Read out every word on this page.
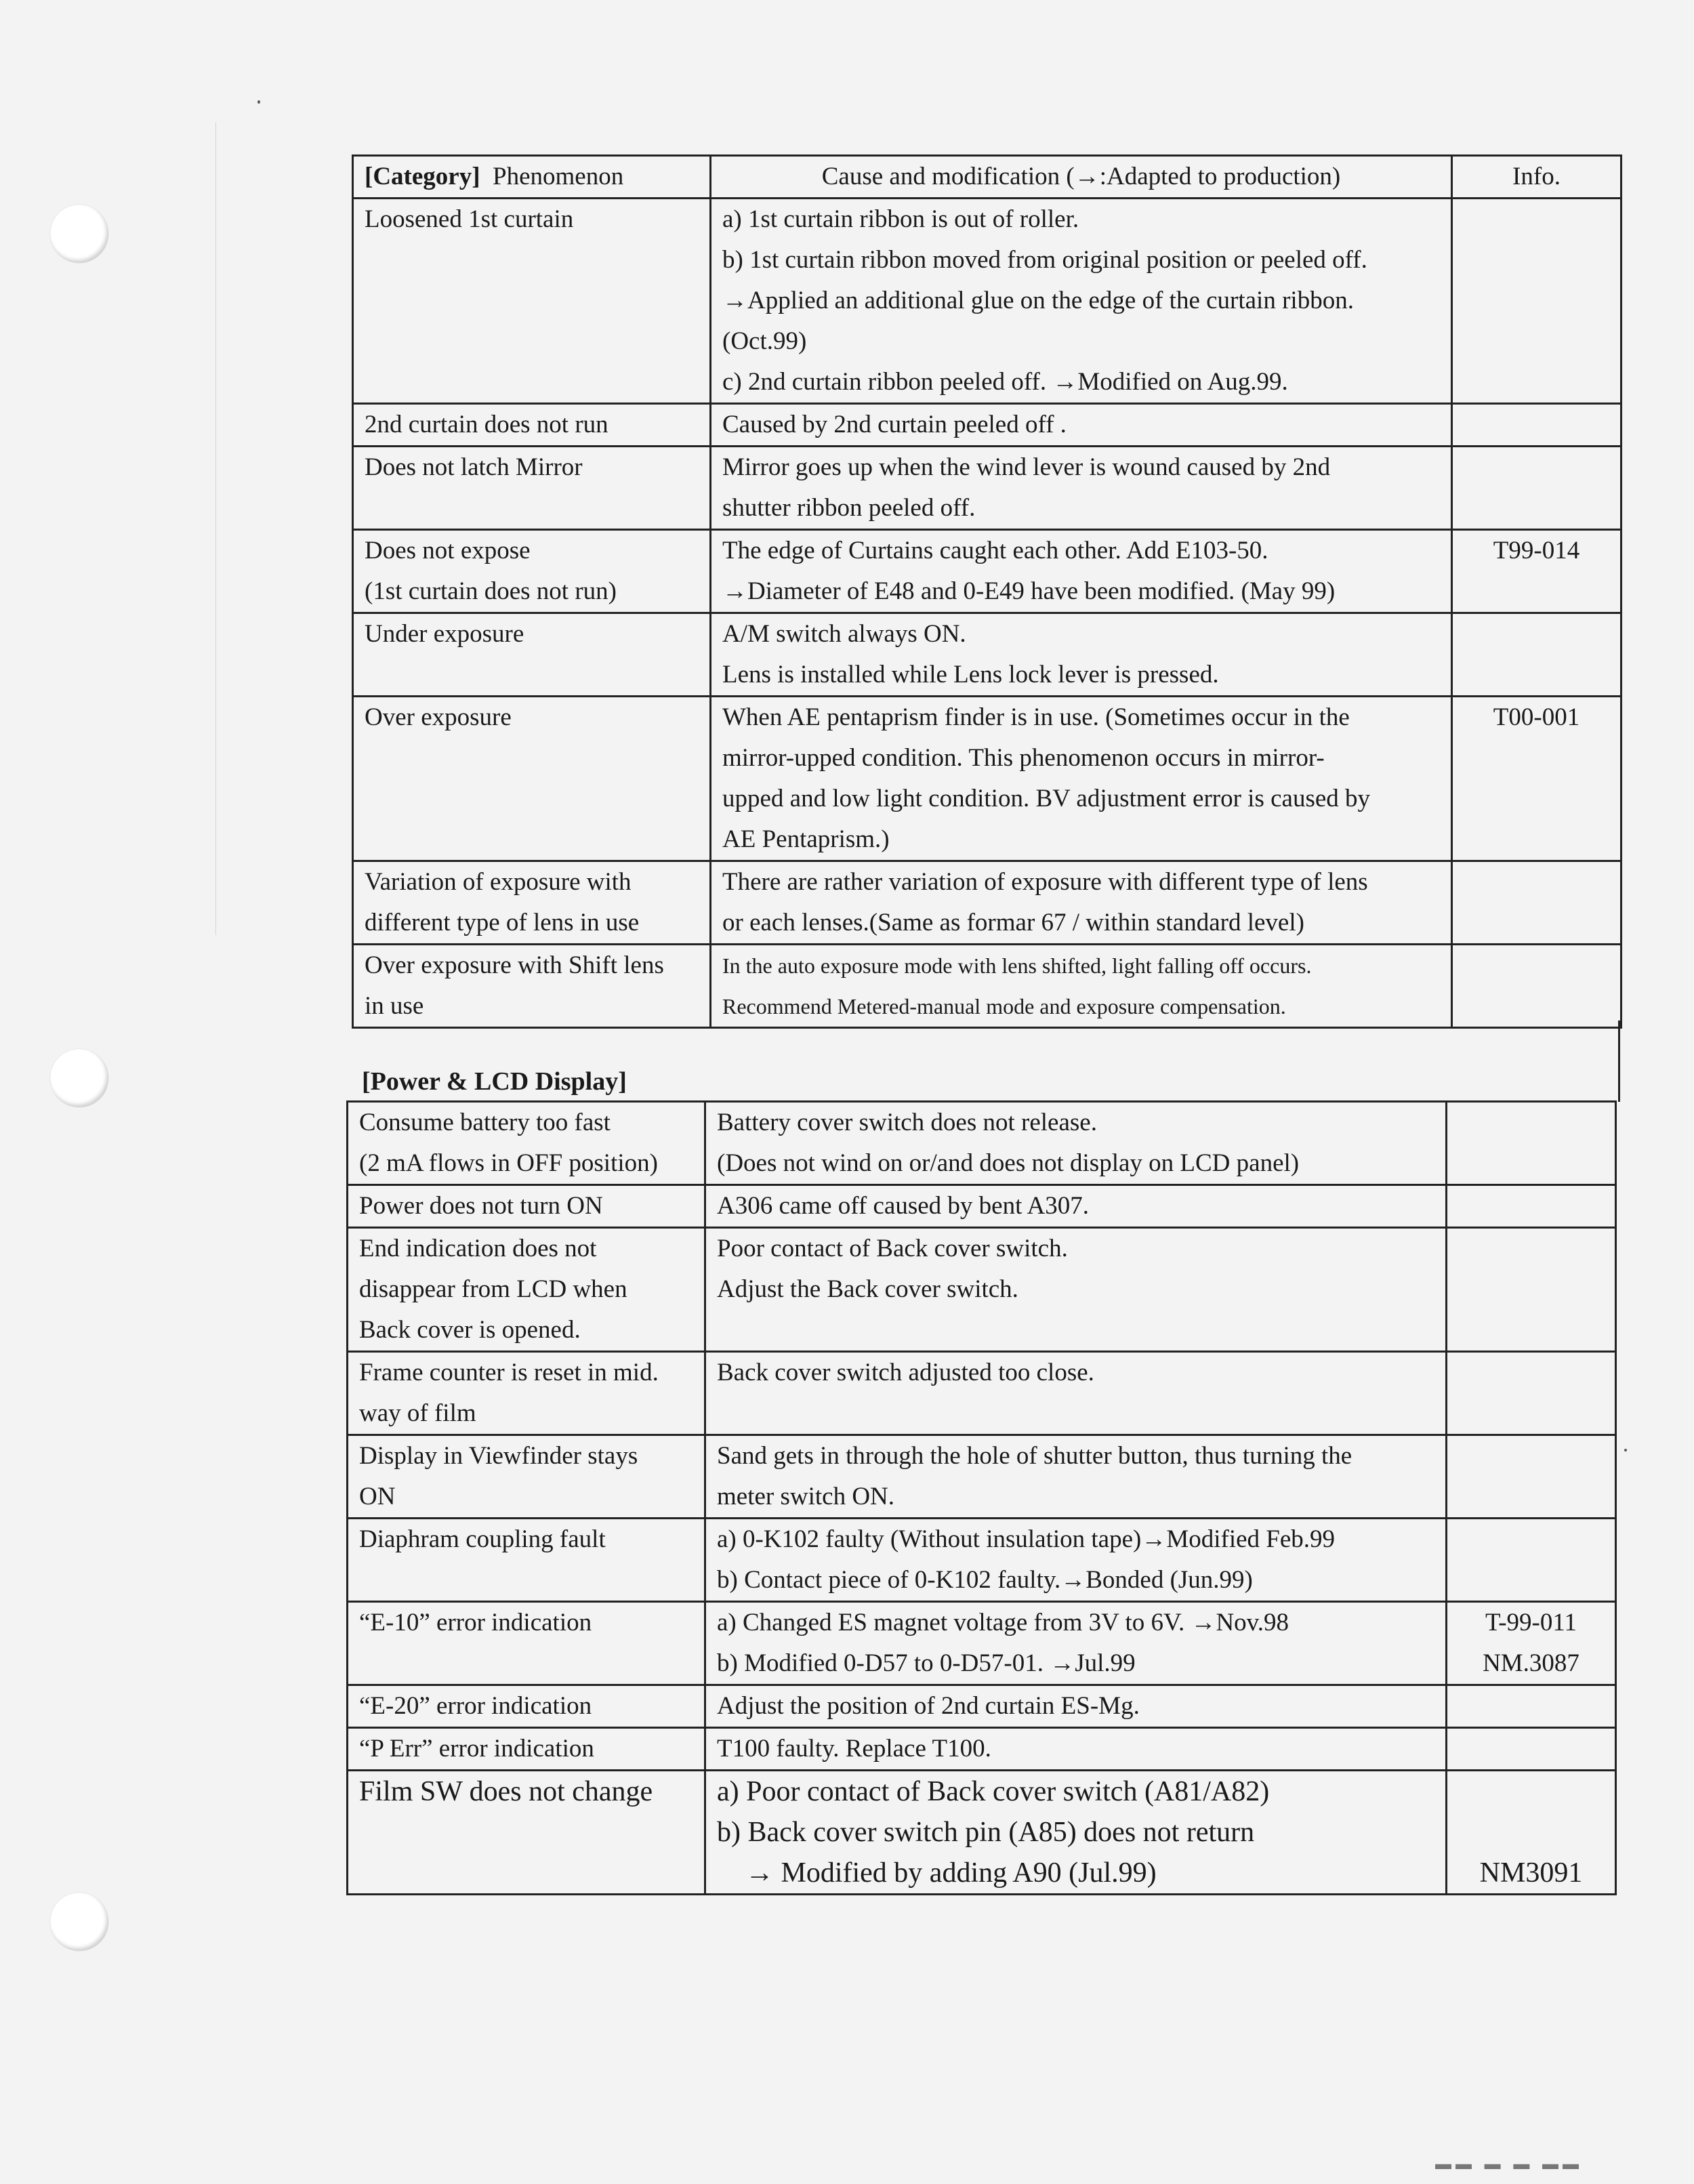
[Category] Phenomenon	Cause and modification (→:Adapted to production)	Info.

Loosened 1st curtain	a) 1st curtain ribbon is out of roller.
b) 1st curtain ribbon moved from original position or peeled off.
→Applied an additional glue on the edge of the curtain ribbon.
(Oct.99)
c) 2nd curtain ribbon peeled off. →Modified on Aug.99.	

2nd curtain does not run	Caused by 2nd curtain peeled off .	

Does not latch Mirror	Mirror goes up when the wind lever is wound caused by 2nd
shutter ribbon peeled off.	

Does not expose
(1st curtain does not run)	The edge of Curtains caught each other. Add E103-50.
→Diameter of E48 and 0-E49 have been modified. (May 99)	T99-014

Under exposure	A/M switch always ON.
Lens is installed while Lens lock lever is pressed.	

Over exposure	When AE pentaprism finder is in use. (Sometimes occur in the
mirror-upped condition. This phenomenon occurs in mirror-
upped and low light condition. BV adjustment error is caused by
AE Pentaprism.)	T00-001

Variation of exposure with
different type of lens in use	There are rather variation of exposure with different type of lens
or each lenses.(Same as formar 67 / within standard level)	

Over exposure with Shift lens
in use	In the auto exposure mode with lens shifted, light falling off occurs.
Recommend Metered-manual mode and exposure compensation.	

[Power & LCD Display]
Consume battery too fast
(2 mA flows in OFF position)	Battery cover switch does not release.
(Does not wind on or/and does not display on LCD panel)	

Power does not turn ON	A306 came off caused by bent A307.	

End indication does not
disappear from LCD when
Back cover is opened.	Poor contact of Back cover switch.
Adjust the Back cover switch.	

Frame counter is reset in mid.
way of film	Back cover switch adjusted too close.	

Display in Viewfinder stays
ON	Sand gets in through the hole of shutter button, thus turning the
meter switch ON.	

Diaphram coupling fault	a) 0-K102 faulty (Without insulation tape)→Modified Feb.99
b) Contact piece of 0-K102 faulty.→Bonded (Jun.99)	

“E-10” error indication	a) Changed ES magnet voltage from 3V to 6V. →Nov.98
b) Modified 0-D57 to 0-D57-01. →Jul.99	T-99-011
NM.3087

“E-20” error indication	Adjust the position of 2nd curtain ES-Mg.	

“P Err” error indication	T100 faulty. Replace T100.	

Film SW does not change	a) Poor contact of Back cover switch (A81/A82)
b) Back cover switch pin (A85) does not return
→ Modified by adding A90 (Jul.99)	NM3091
▬▬ ▬ ▬ ▬▬
